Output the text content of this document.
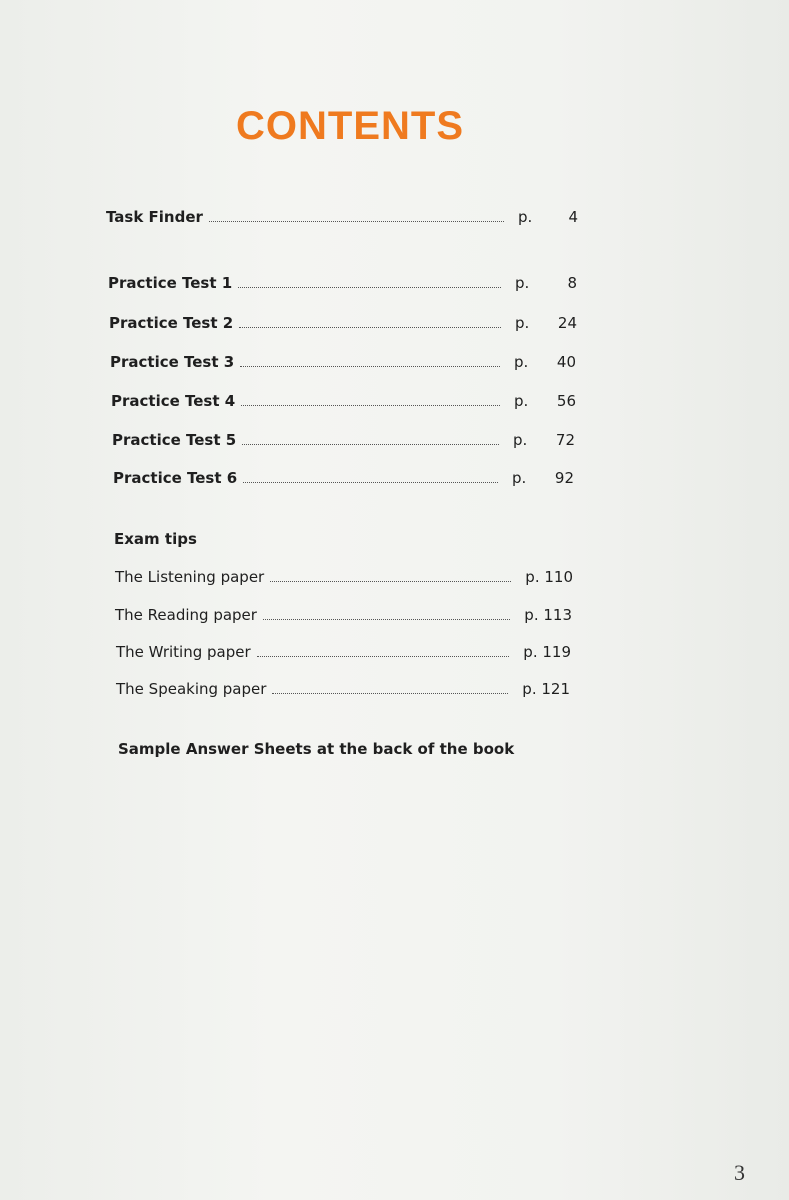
CONTENTS
Task Finder	p. 4
Practice Test 1	p.	8
Practice Test 2	p. 24
Practice Test 3	p. 40
Practice Test 4	p. 56
Practice Test 5	p. 72
Practice Test 6	p. 92
Exam tips
The Listening paper	p. 110
The Reading paper	p. 113
The Writing paper	p. 119
The Speaking paper	p. 121
Sample Answer Sheets at the back of the book
3
